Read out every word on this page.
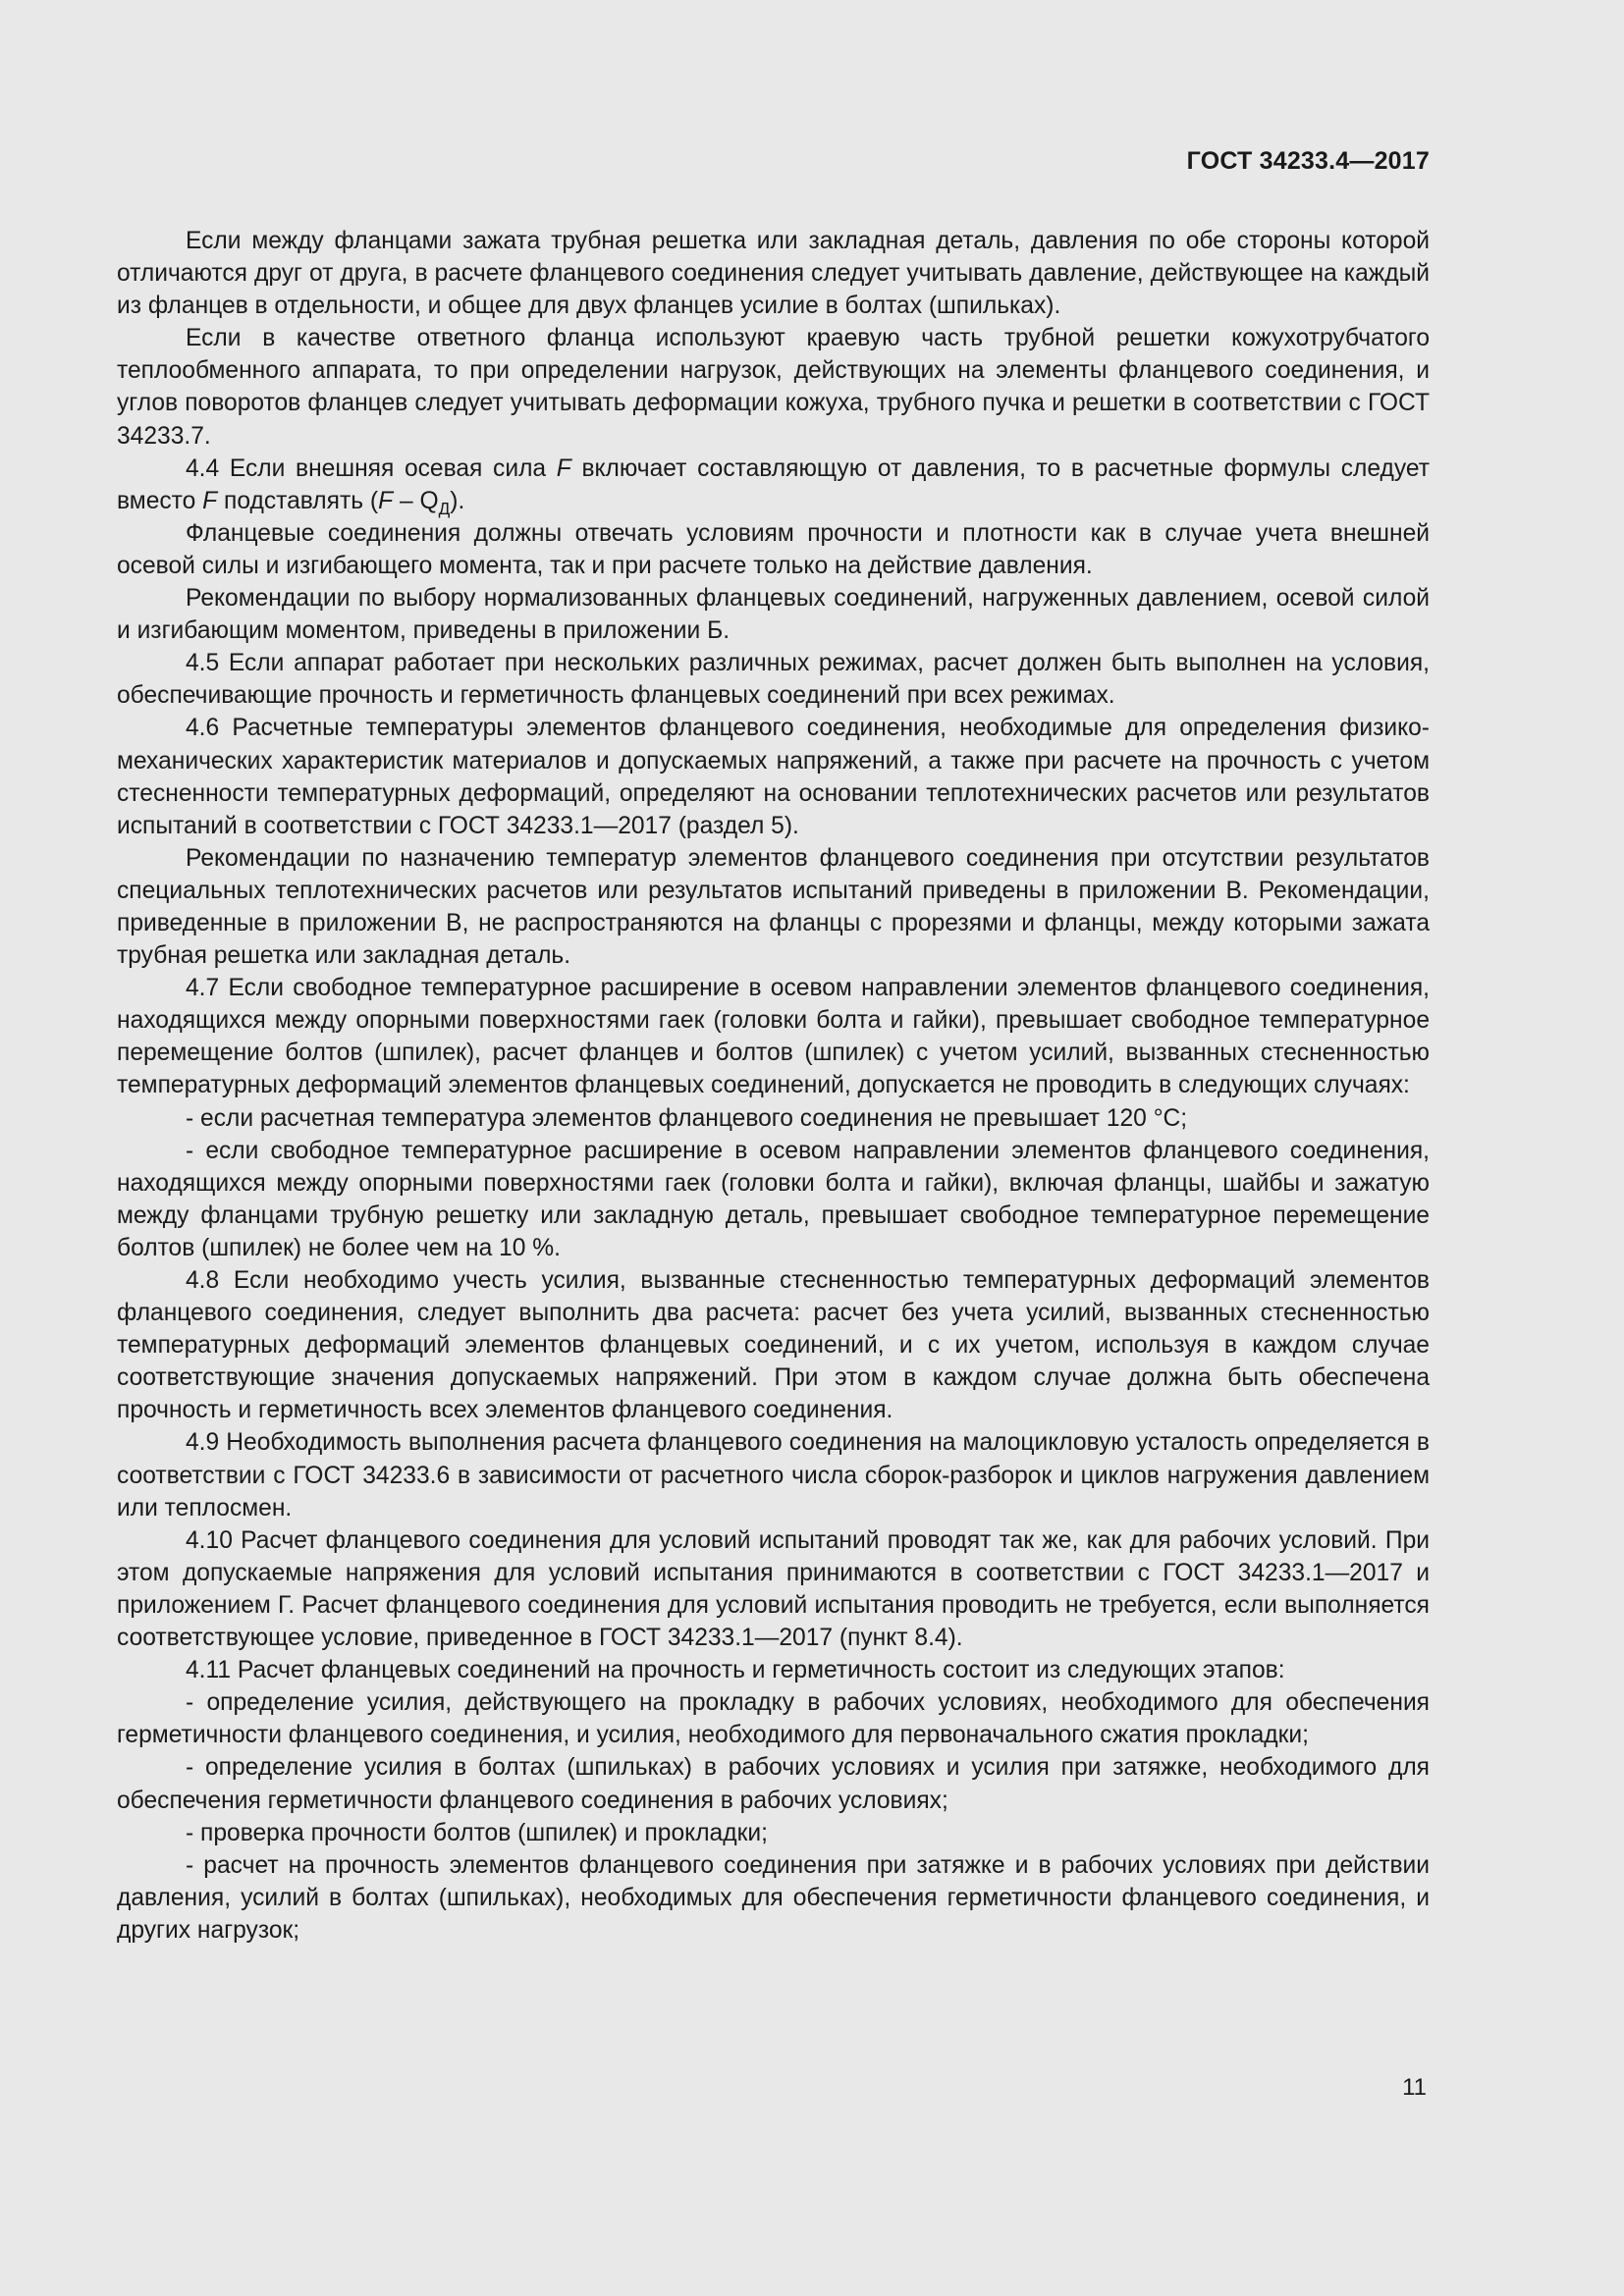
ГОСТ 34233.4—2017

Если между фланцами зажата трубная решетка или закладная деталь, давления по обе стороны которой отличаются друг от друга, в расчете фланцевого соединения следует учитывать давление, действующее на каждый из фланцев в отдельности, и общее для двух фланцев усилие в болтах (шпильках).

Если в качестве ответного фланца используют краевую часть трубной решетки кожухотрубчатого теплообменного аппарата, то при определении нагрузок, действующих на элементы фланцевого соединения, и углов поворотов фланцев следует учитывать деформации кожуха, трубного пучка и решетки в соответствии с ГОСТ 34233.7.

4.4 Если внешняя осевая сила F включает составляющую от давления, то в расчетные формулы следует вместо F подставлять $(F - Q_Д)$.

Фланцевые соединения должны отвечать условиям прочности и плотности как в случае учета внешней осевой силы и изгибающего момента, так и при расчете только на действие давления.

Рекомендации по выбору нормализованных фланцевых соединений, нагруженных давлением, осевой силой и изгибающим моментом, приведены в приложении Б.

4.5 Если аппарат работает при нескольких различных режимах, расчет должен быть выполнен на условия, обеспечивающие прочность и герметичность фланцевых соединений при всех режимах.

4.6 Расчетные температуры элементов фланцевого соединения, необходимые для определения физико-механических характеристик материалов и допускаемых напряжений, а также при расчете на прочность с учетом стесненности температурных деформаций, определяют на основании теплотехнических расчетов или результатов испытаний в соответствии с ГОСТ 34233.1—2017 (раздел 5).

Рекомендации по назначению температур элементов фланцевого соединения при отсутствии результатов специальных теплотехнических расчетов или результатов испытаний приведены в приложении В. Рекомендации, приведенные в приложении В, не распространяются на фланцы с прорезями и фланцы, между которыми зажата трубная решетка или закладная деталь.

4.7 Если свободное температурное расширение в осевом направлении элементов фланцевого соединения, находящихся между опорными поверхностями гаек (головки болта и гайки), превышает свободное температурное перемещение болтов (шпилек), расчет фланцев и болтов (шпилек) с учетом усилий, вызванных стесненностью температурных деформаций элементов фланцевых соединений, допускается не проводить в следующих случаях:

- если расчетная температура элементов фланцевого соединения не превышает 120 °С;

- если свободное температурное расширение в осевом направлении элементов фланцевого соединения, находящихся между опорными поверхностями гаек (головки болта и гайки), включая фланцы, шайбы и зажатую между фланцами трубную решетку или закладную деталь, превышает свободное температурное перемещение болтов (шпилек) не более чем на 10 %.

4.8 Если необходимо учесть усилия, вызванные стесненностью температурных деформаций элементов фланцевого соединения, следует выполнить два расчета: расчет без учета усилий, вызванных стесненностью температурных деформаций элементов фланцевых соединений, и с их учетом, используя в каждом случае соответствующие значения допускаемых напряжений. При этом в каждом случае должна быть обеспечена прочность и герметичность всех элементов фланцевого соединения.

4.9 Необходимость выполнения расчета фланцевого соединения на малоцикловую усталость определяется в соответствии с ГОСТ 34233.6 в зависимости от расчетного числа сборок-разборок и циклов нагружения давлением или теплосмен.

4.10 Расчет фланцевого соединения для условий испытаний проводят так же, как для рабочих условий. При этом допускаемые напряжения для условий испытания принимаются в соответствии с ГОСТ 34233.1—2017 и приложением Г. Расчет фланцевого соединения для условий испытания проводить не требуется, если выполняется соответствующее условие, приведенное в ГОСТ 34233.1—2017 (пункт 8.4).

4.11 Расчет фланцевых соединений на прочность и герметичность состоит из следующих этапов:

- определение усилия, действующего на прокладку в рабочих условиях, необходимого для обеспечения герметичности фланцевого соединения, и усилия, необходимого для первоначального сжатия прокладки;

- определение усилия в болтах (шпильках) в рабочих условиях и усилия при затяжке, необходимого для обеспечения герметичности фланцевого соединения в рабочих условиях;

- проверка прочности болтов (шпилек) и прокладки;

- расчет на прочность элементов фланцевого соединения при затяжке и в рабочих условиях при действии давления, усилий в болтах (шпильках), необходимых для обеспечения герметичности фланцевого соединения, и других нагрузок;

11
